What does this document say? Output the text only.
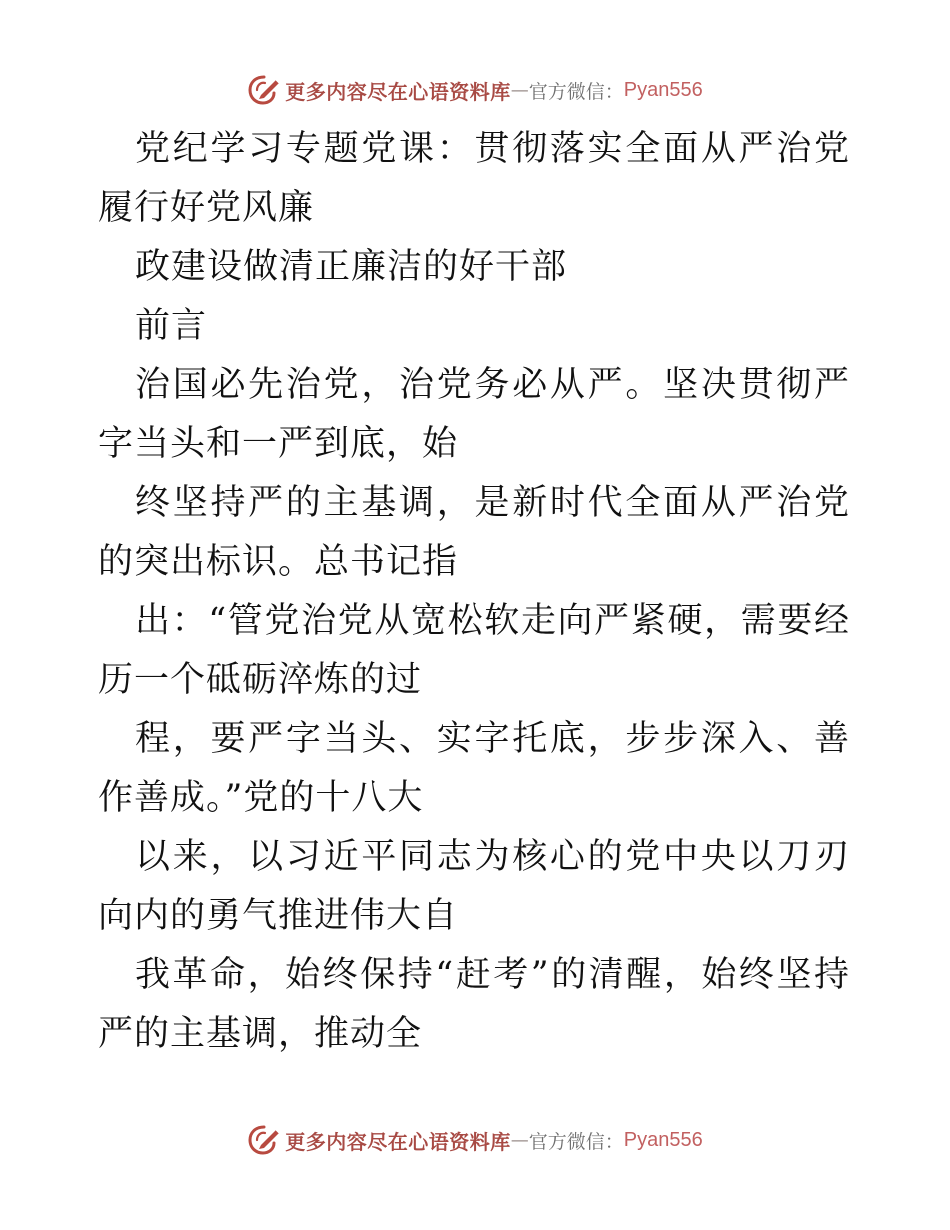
更多内容尽在心语资料库 — 官方微信： Pyan556

党纪学习专题党课：贯彻落实全面从严治党履行好党风廉

政建设做清正廉洁的好干部

前言

治国必先治党，治党务必从严。坚决贯彻严字当头和一严到底，始

终坚持严的主基调，是新时代全面从严治党的突出标识。总书记指

出：“管党治党从宽松软走向严紧硬，需要经历一个砥砺淬炼的过

程，要严字当头、实字托底，步步深入、善作善成。”党的十八大

以来，以习近平同志为核心的党中央以刀刃向内的勇气推进伟大自

我革命，始终保持“赶考”的清醒，始终坚持严的主基调，推动全

更多内容尽在心语资料库 — 官方微信： Pyan556
